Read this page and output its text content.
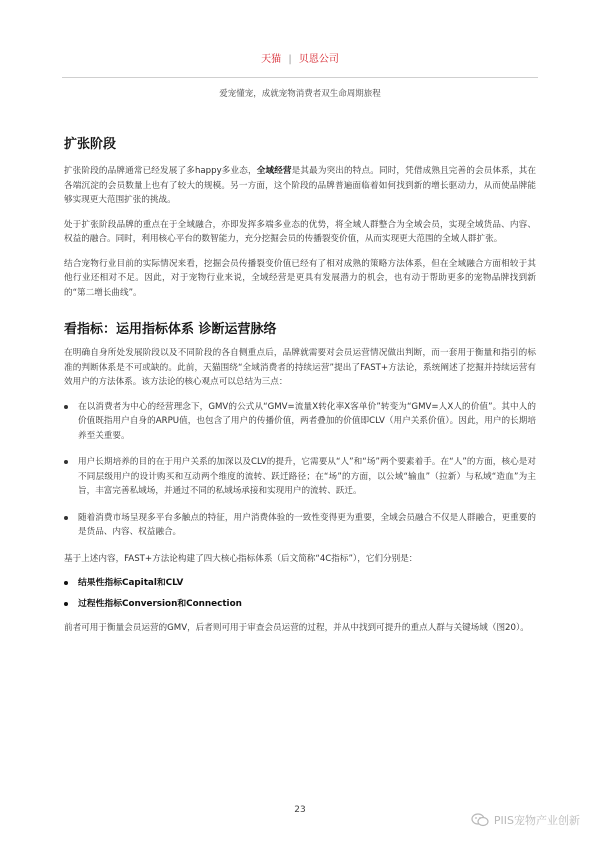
天猫 | 贝恩公司
爱宠懂宠，成就宠物消费者双生命周期旅程
扩张阶段

扩张阶段的品牌通常已经发展了多happy多业态，全域经营是其最为突出的特点。同时，凭借成熟且完善的会员体系，其在各端沉淀的会员数量上也有了较大的规模。另一方面，这个阶段的品牌普遍面临着如何找到新的增长驱动力，从而使品牌能够实现更大范围扩张的挑战。

处于扩张阶段品牌的重点在于全域融合，亦即发挥多端多业态的优势，将全域人群整合为全域会员，实现全域货品、内容、权益的融合。同时，利用核心平台的数智能力，充分挖掘会员的传播裂变价值，从而实现更大范围的全域人群扩张。

结合宠物行业目前的实际情况来看，挖掘会员传播裂变价值已经有了相对成熟的策略方法体系，但在全域融合方面相较于其他行业还相对不足。因此，对于宠物行业来说，全域经营是更具有发展潜力的机会，也有动于帮助更多的宠物品牌找到新的“第二增长曲线”。

看指标：运用指标体系 诊断运营脉络

在明确自身所处发展阶段以及不同阶段的各自侧重点后，品牌就需要对会员运营情况做出判断，而一套用于衡量和指引的标准的判断体系是不可或缺的。此前，天猫围绕“全域消费者的持续运营”提出了FAST+方法论，系统阐述了挖掘并持续运营有效用户的方法体系。该方法论的核心观点可以总结为三点：

在以消费者为中心的经营理念下，GMV的公式从“GMV=流量X转化率X客单价”转变为“GMV=人X人的价值”。其中人的价值既指用户自身的ARPU值，也包含了用户的传播价值，两者叠加的价值即CLV（用户关系价值）。因此，用户的长期培养至关重要。
用户长期培养的目的在于用户关系的加深以及CLV的提升，它需要从“人”和“场”两个要素着手。在“人”的方面，核心是对不同层级用户的设计购买和互动两个维度的流转、跃迁路径；在“场”的方面，以公域“输血”（拉新）与私域“造血”为主旨，丰富完善私域场，并通过不同的私域场承接和实现用户的流转、跃迁。
随着消费市场呈现多平台多触点的特征，用户消费体验的一致性变得更为重要，全域会员融合不仅是人群融合，更重要的是货品、内容、权益融合。

基于上述内容，FAST+方法论构建了四大核心指标体系（后文简称“4C指标”），它们分别是：

结果性指标Capital和CLV
过程性指标Conversion和Connection

前者可用于衡量会员运营的GMV，后者则可用于审查会员运营的过程，并从中找到可提升的重点人群与关键场域（图20）。

23
PIIS宠物产业创新
